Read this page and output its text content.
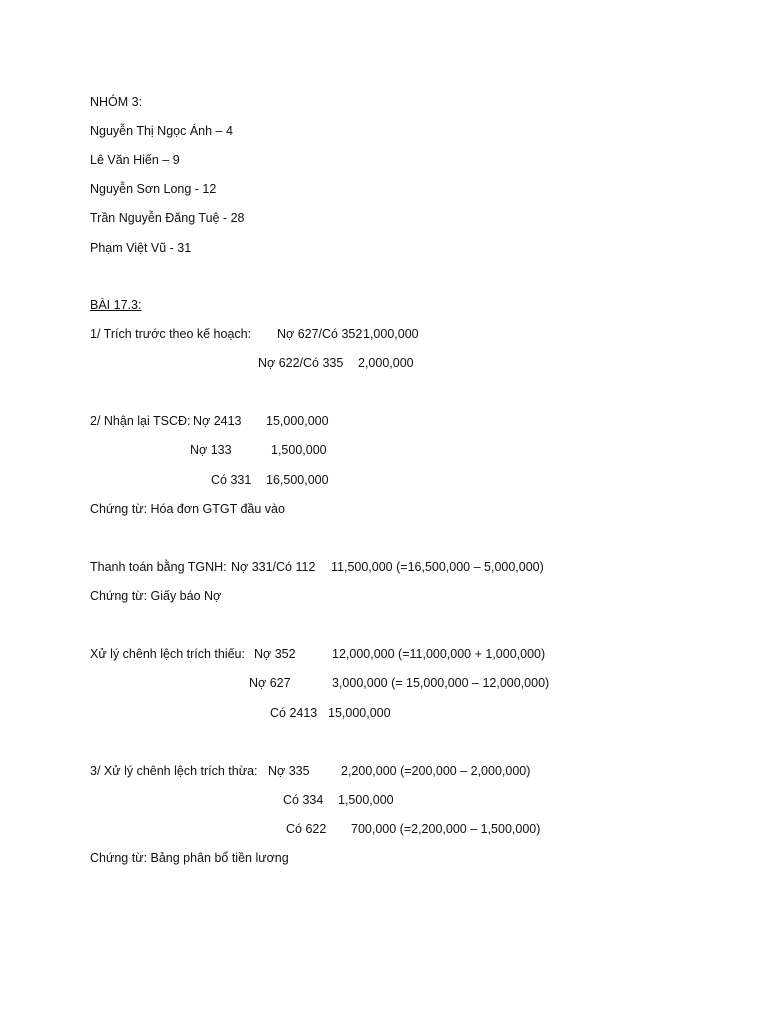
NHÓM 3:
Nguyễn Thị Ngọc Ánh – 4
Lê Văn Hiến – 9
Nguyễn Sơn Long - 12
Trần Nguyễn Đăng Tuệ - 28
Phạm Việt Vũ - 31
BÀI 17.3:
1/ Trích trước theo kế hoạch: Nợ 627/Có 352 1,000,000
Nợ 622/Có 335 2,000,000
2/ Nhận lại TSCĐ: Nợ 2413 15,000,000
Nợ 133	1,500,000
Có 331 16,500,000
Chứng từ: Hóa đơn GTGT đầu vào
Thanh toán bằng TGNH: Nợ 331/Có 112 11,500,000 (=16,500,000 – 5,000,000)
Chứng từ: Giấy báo Nợ
Xử lý chênh lệch trích thiếu: Nợ 352	12,000,000 (=11,000,000 + 1,000,000)
Nợ 627	3,000,000 (= 15,000,000 – 12,000,000)
Có 2413 15,000,000
3/ Xử lý chênh lệch trích thừa: Nợ 335	2,200,000 (=200,000 – 2,000,000)
Có 334 1,500,000
Có 622 700,000 (=2,200,000 – 1,500,000)
Chứng từ: Bảng phân bổ tiền lương
